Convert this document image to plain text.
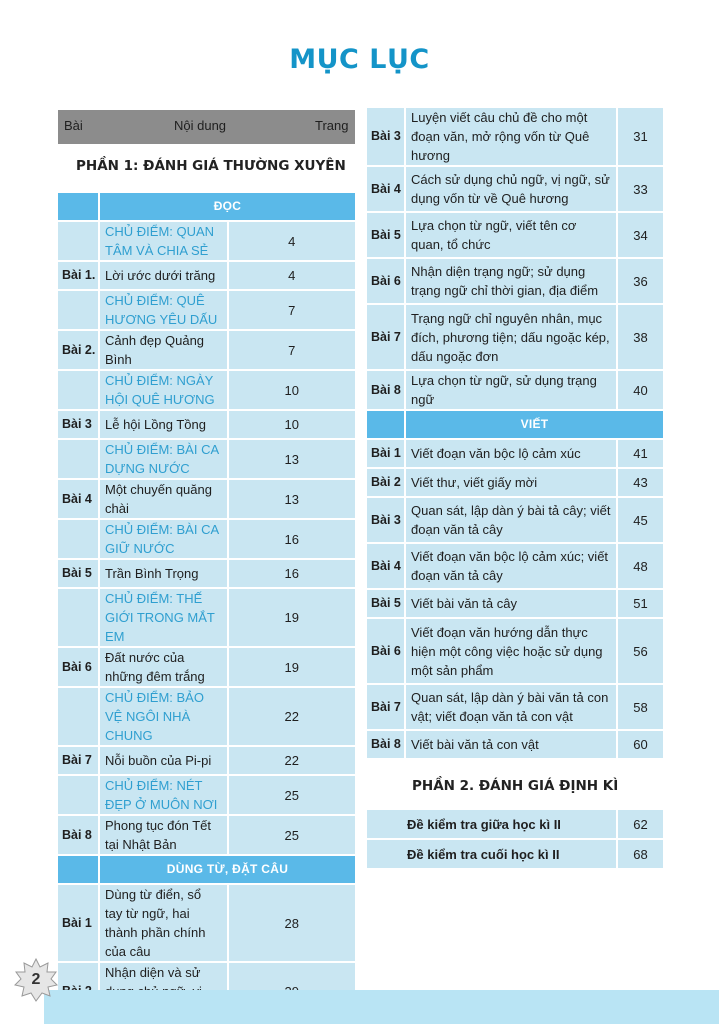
MỤC LỤC
Bài	Nội dung	Trang
PHẦN 1: ĐÁNH GIÁ THƯỜNG XUYÊN
	ĐỌC	
	CHỦ ĐIỂM: QUAN TÂM VÀ CHIA SẺ	4
Bài 1.	Lời ước dưới trăng	4
	CHỦ ĐIỂM: QUÊ HƯƠNG YÊU DẤU	7
Bài 2.	Cảnh đẹp Quảng Bình	7
	CHỦ ĐIỂM: NGÀY HỘI QUÊ HƯƠNG	10
Bài 3	Lễ hội Lồng Tồng	10
	CHỦ ĐIỂM: BÀI CA DỰNG NƯỚC	13
Bài 4	Một chuyến quăng chài	13
	CHỦ ĐIỂM: BÀI CA GIỮ NƯỚC	16
Bài 5	Trần Bình Trọng	16
	CHỦ ĐIỂM: THẾ GIỚI TRONG MẮT EM	19
Bài 6	Đất nước của những đêm trắng	19
	CHỦ ĐIỂM: BẢO VỆ NGÔI NHÀ CHUNG	22
Bài 7	Nỗi buồn của Pi-pi	22
	CHỦ ĐIỂM: NÉT ĐẸP Ở MUÔN NƠI	25
Bài 8	Phong tục đón Tết tại Nhật Bản	25
	DÙNG TỪ, ĐẶT CÂU	
Bài 1	Dùng từ điển, sổ tay từ ngữ, hai thành phần chính của câu	28
	Nhận diện và sử	
Bài 3	Luyện viết câu chủ đề cho một đoạn văn, mở rộng vốn từ Quê hương	31
Bài 4	Cách sử dụng chủ ngữ, vị ngữ, sử dụng vốn từ về Quê hương	33
Bài 5	Lựa chọn từ ngữ, viết tên cơ quan, tổ chức	34
Bài 6	Nhận diện trạng ngữ; sử dụng trạng ngữ chỉ thời gian, địa điểm	36
Bài 7	Trạng ngữ chỉ nguyên nhân, mục đích, phương tiện; dấu ngoặc kép, dấu ngoặc đơn	38
Bài 8	Lựa chọn từ ngữ, sử dụng trạng ngữ	40
	VIẾT	
Bài 1	Viết đoạn văn bộc lộ cảm xúc	41
Bài 2	Viết thư, viết giấy mời	43
Bài 3	Quan sát, lập dàn ý bài tả cây; viết đoạn văn tả cây	45
Bài 4	Viết đoạn văn bộc lộ cảm xúc; viết đoạn văn tả cây	48
Bài 5	Viết bài văn tả cây	51
Bài 6	Viết đoạn văn hướng dẫn thực hiện một công việc hoặc sử dụng một sản phẩm	56
Bài 7	Quan sát, lập dàn ý bài văn tả con vật; viết đoạn văn tả con vật	58
Bài 8	Viết bài văn tả con vật	60
PHẦN 2. ĐÁNH GIÁ ĐỊNH KÌ
Đề kiểm tra giữa học kì II	62
Đề kiểm tra cuối học kì II	68
2
